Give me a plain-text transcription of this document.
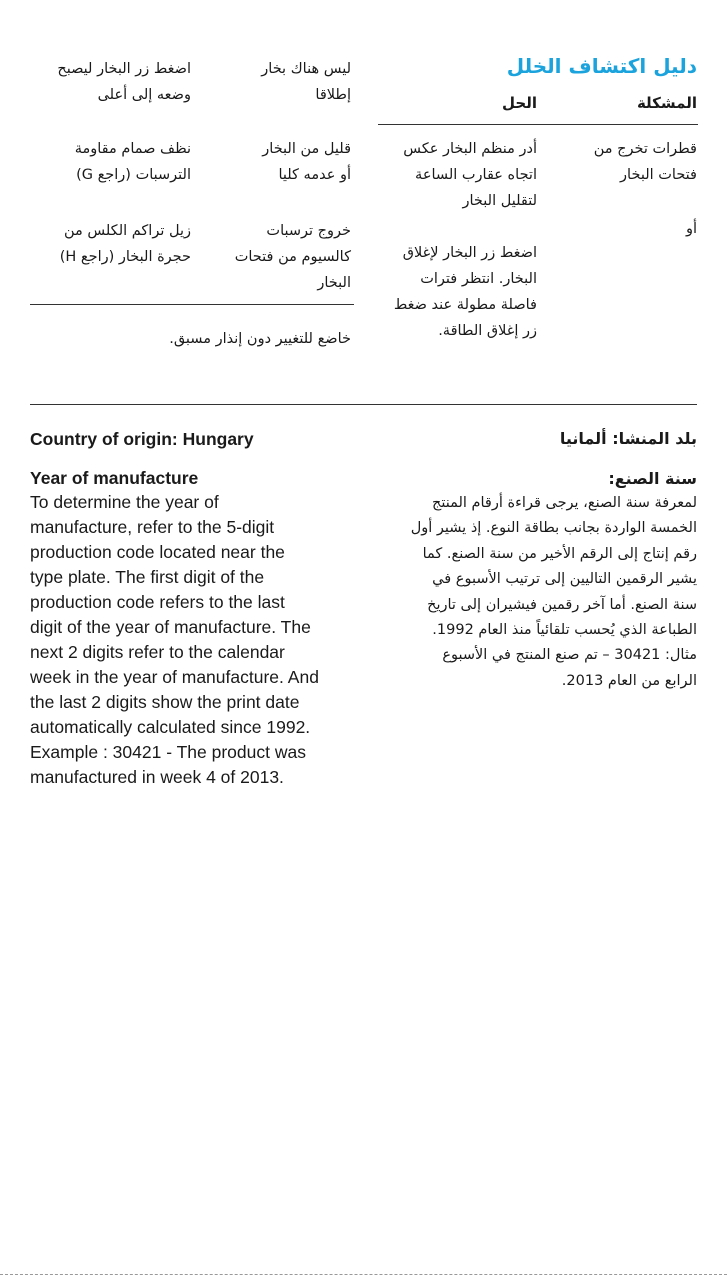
دليل اكتشاف الخلل
المشكلة
الحل
قطرات تخرج من
فتحات البخار
أدر منظم البخار عكس
اتجاه عقارب الساعة
لتقليل البخار
أو
اضغط زر البخار لإغلاق
البخار. انتظر فترات
فاصلة مطولة عند ضغط
زر إغلاق الطاقة.
ليس هناك بخار
إطلاقا
اضغط زر البخار ليصبح
وضعه إلى أعلى
قليل من البخار
أو عدمه كليا
نظف صمام مقاومة
الترسبات (راجع G)
خروج ترسبات
كالسيوم من فتحات
البخار
زيل تراكم الكلس من
حجرة البخار (راجع H)
خاضع للتغيير دون إنذار مسبق.
بلد المنشا: ألمانيا
سنة الصنع:
لمعرفة سنة الصنع، يرجى قراءة أرقام المنتج
الخمسة الواردة بجانب بطاقة النوع. إذ يشير أول
رقم إنتاج إلى الرقم الأخير من سنة الصنع. كما
يشير الرقمين التاليين إلى ترتيب الأسبوع في
سنة الصنع. أما آخر رقمين فيشيران إلى تاريخ
الطباعة الذي يُحسب تلقائياً منذ العام 1992.
مثال: 30421 – تم صنع المنتج في الأسبوع
الرابع من العام 2013.
Country of origin: Hungary
Year of manufacture
To determine the year of
manufacture, refer to the 5-digit
production code located near the
type plate. The first digit of the
production code refers to the last
digit of the year of manufacture. The
next 2 digits refer to the calendar
week in the year of manufacture. And
the last 2 digits show the print date
automatically calculated since 1992.
Example : 30421 - The product was
manufactured in week 4 of 2013.
